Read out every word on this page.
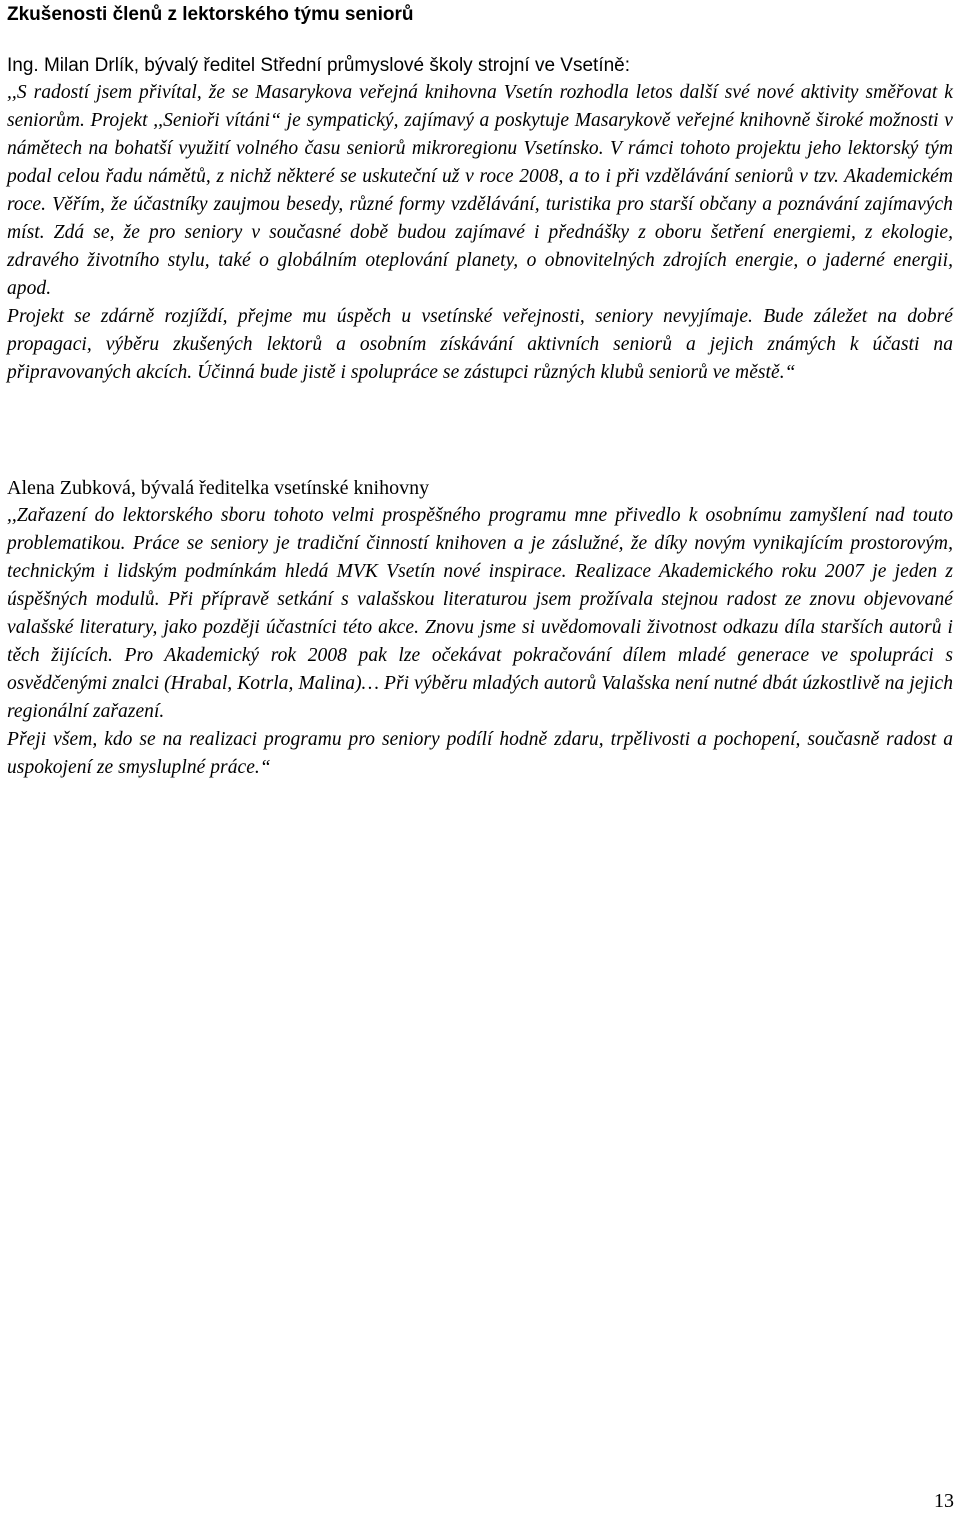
Zkušenosti členů z lektorského týmu seniorů
Ing. Milan Drlík, bývalý ředitel Střední průmyslové školy strojní ve Vsetíně:

,,S radostí jsem přivítal, že se Masarykova veřejná knihovna Vsetín rozhodla letos další své nové aktivity směřovat k seniorům. Projekt ,,Senioři vítáni“ je sympatický, zajímavý a poskytuje Masarykově veřejné knihovně široké možnosti v námětech na bohatší využití volného času seniorů mikroregionu Vsetínsko. V rámci tohoto projektu jeho lektorský tým podal celou řadu námětů, z nichž některé se uskuteční už v roce 2008, a to i při vzdělávání seniorů v tzv. Akademickém roce. Věřím, že účastníky zaujmou besedy, různé formy vzdělávání, turistika pro starší občany a poznávání zajímavých míst. Zdá se, že pro seniory v současné době budou zajímavé i přednášky z oboru šetření energiemi, z ekologie, zdravého životního stylu, také o globálním oteplování planety, o obnovitelných zdrojích energie, o jaderné energii, apod.

Projekt se zdárně rozjíždí, přejme mu úspěch u vsetínské veřejnosti, seniory nevyjímaje. Bude záležet na dobré propagaci, výběru zkušených lektorů a osobním získávání aktivních seniorů a jejich známých k účasti na připravovaných akcích. Účinná bude jistě i spolupráce se zástupci různých klubů seniorů ve městě.“

Alena Zubková, bývalá ředitelka vsetínské knihovny

,,Zařazení do lektorského sboru tohoto velmi prospěšného programu mne přivedlo k osobnímu zamyšlení nad touto problematikou. Práce se seniory je tradiční činností knihoven a je záslužné, že díky novým vynikajícím prostorovým, technickým i lidským podmínkám hledá MVK Vsetín nové inspirace. Realizace Akademického roku 2007 je jeden z úspěšných modulů. Při přípravě setkání s valašskou literaturou jsem prožívala stejnou radost ze znovu objevované valašské literatury, jako později účastníci této akce. Znovu jsme si uvědomovali životnost odkazu díla starších autorů i těch žijících. Pro Akademický rok 2008 pak lze očekávat pokračování dílem mladé generace ve spolupráci s osvědčenými znalci (Hrabal, Kotrla, Malina)… Při výběru mladých autorů Valašska není nutné dbát úzkostlivě na jejich regionální zařazení.

Přeji všem, kdo se na realizaci programu pro seniory podílí hodně zdaru, trpělivosti a pochopení, současně radost a uspokojení ze smysluplné práce.“

13
